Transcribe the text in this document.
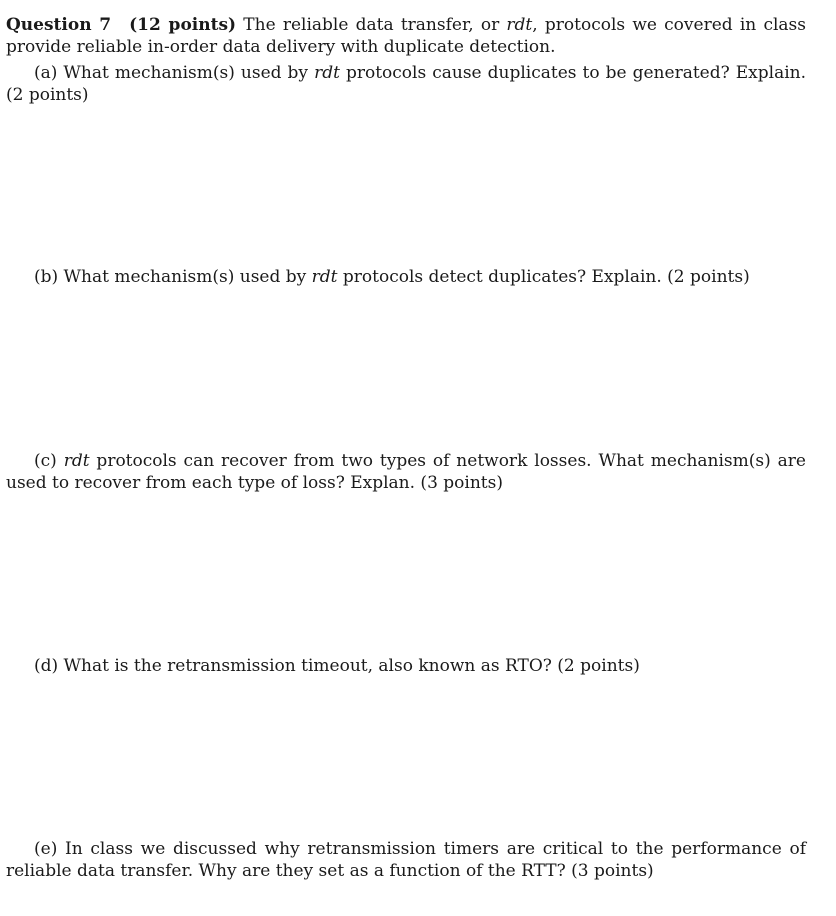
Question 7 (12 points) The reliable data transfer, or rdt, protocols we covered in class provide reliable in-order data delivery with duplicate detection.
(a) What mechanism(s) used by rdt protocols cause duplicates to be generated? Explain. (2 points)
(b) What mechanism(s) used by rdt protocols detect duplicates? Explain. (2 points)
(c) rdt protocols can recover from two types of network losses. What mechanism(s) are used to recover from each type of loss? Explan. (3 points)
(d) What is the retransmission timeout, also known as RTO? (2 points)
(e) In class we discussed why retransmission timers are critical to the performance of reliable data transfer. Why are they set as a function of the RTT? (3 points)
